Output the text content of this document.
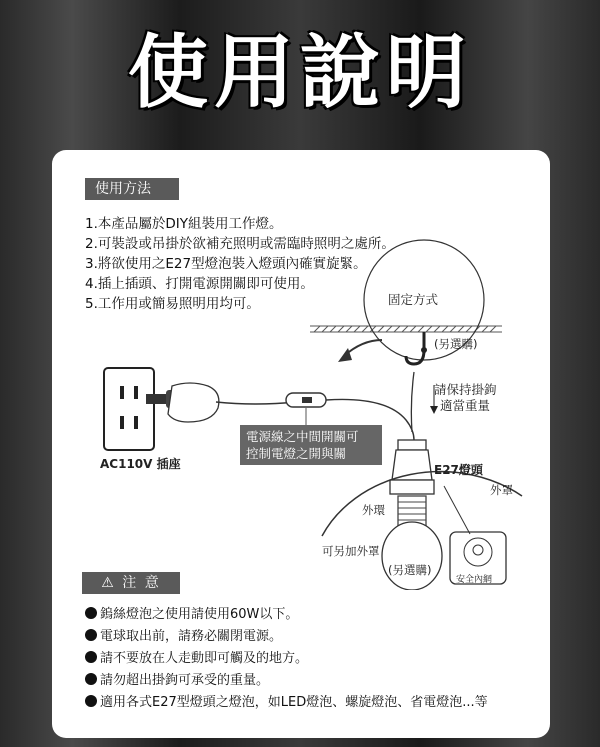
使用說明
使用方法
1.本產品屬於DIY組裝用工作燈。
2.可裝設或吊掛於欲補充照明或需臨時照明之處所。
3.將欲使用之E27型燈泡裝入燈頭內確實旋緊。
4.插上插頭、打開電源開關即可使用。
5.工作用或簡易照明用均可。	固定方式
(另選購)
請保持掛鉤
適當重量
AC110V 插座
電源線之中間開關可
控制電燈之開與關
E27燈頭
外罩
外環
可另加外罩
(另選購)
安全內網
⚠ 注 意
鎢絲燈泡之使用請使用60W以下。
電球取出前，請務必關閉電源。
請不要放在人走動即可觸及的地方。
請勿超出掛鉤可承受的重量。
適用各式E27型燈頭之燈泡，如LED燈泡、螺旋燈泡、省電燈泡...等
